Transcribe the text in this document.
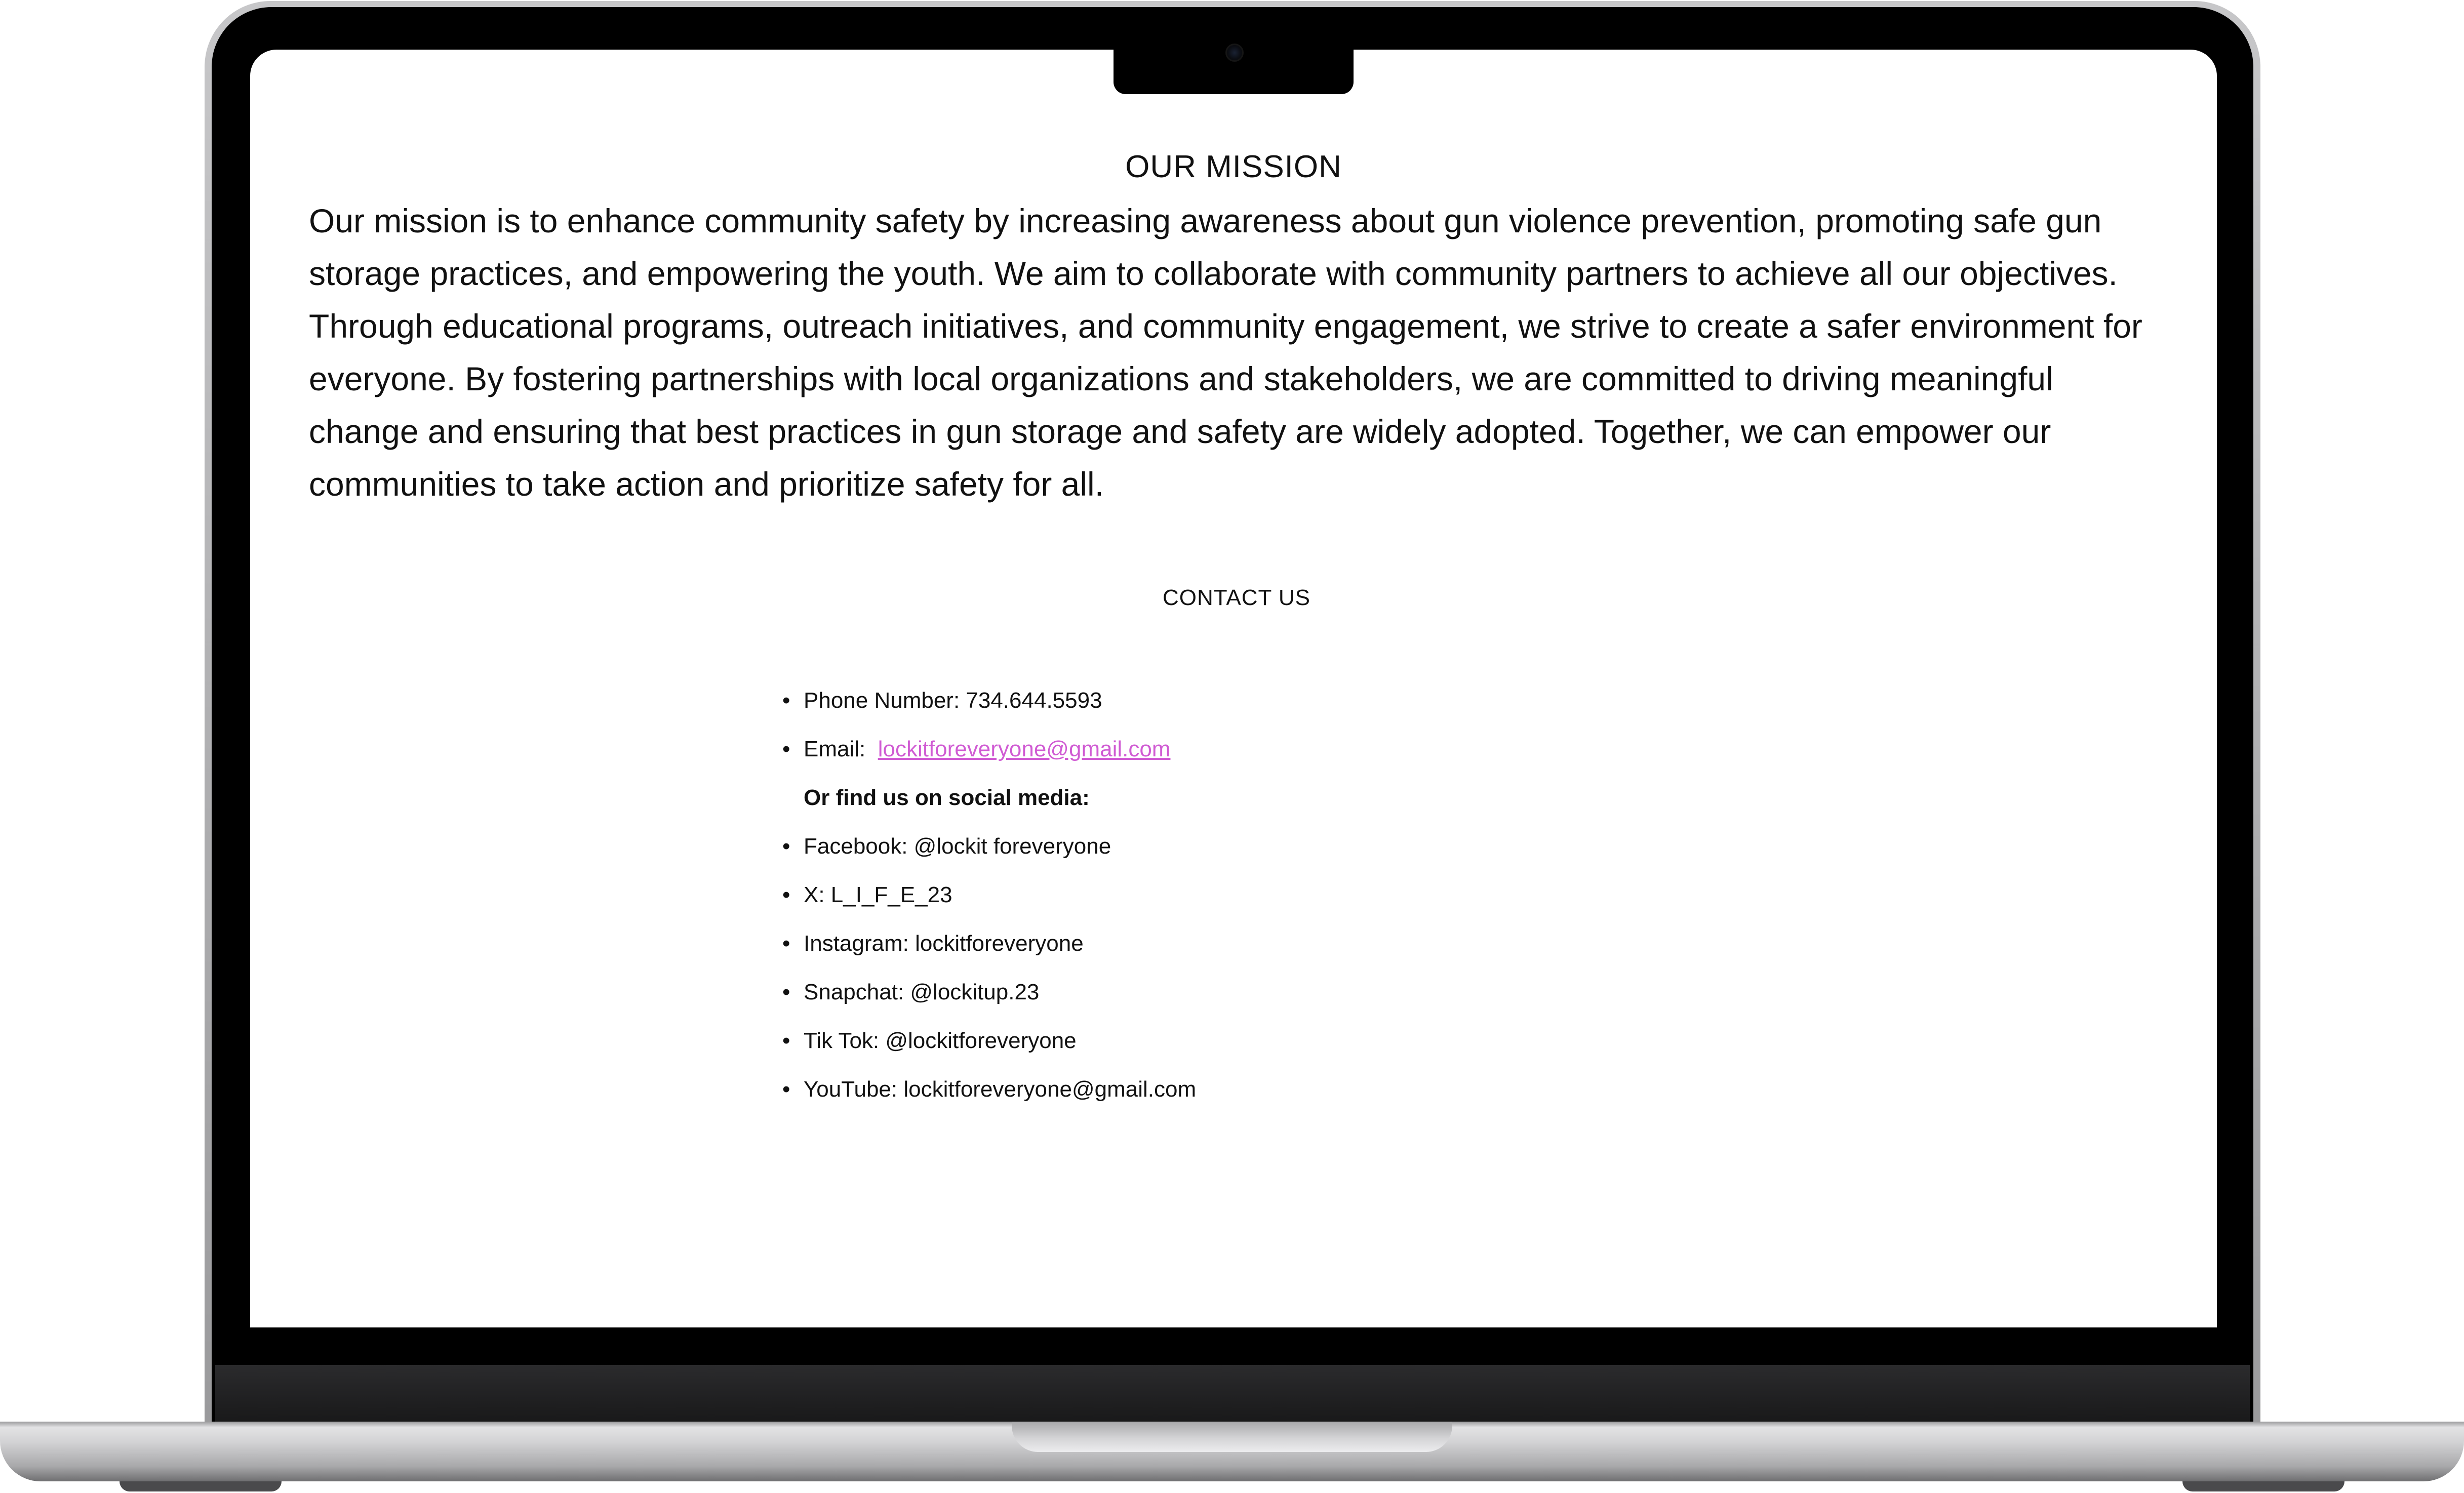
OUR MISSION

Our mission is to enhance community safety by increasing awareness about gun violence prevention, promoting safe gun storage practices, and empowering the youth. We aim to collaborate with community partners to achieve all our objectives. Through educational programs, outreach initiatives, and community engagement, we strive to create a safer environment for everyone. By fostering partnerships with local organizations and stakeholders, we are committed to driving meaningful change and ensuring that best practices in gun storage and safety are widely adopted. Together, we can empower our communities to take action and prioritize safety for all.

CONTACT US
• Phone Number: 734.644.5593
• Email: lockitforeveryone@gmail.com
Or find us on social media:
• Facebook: @lockit foreveryone
• X: L_I_F_E_23
• Instagram: lockitforeveryone
• Snapchat: @lockitup.23
• Tik Tok: @lockitforeveryone
• YouTube: lockitforeveryone@gmail.com
